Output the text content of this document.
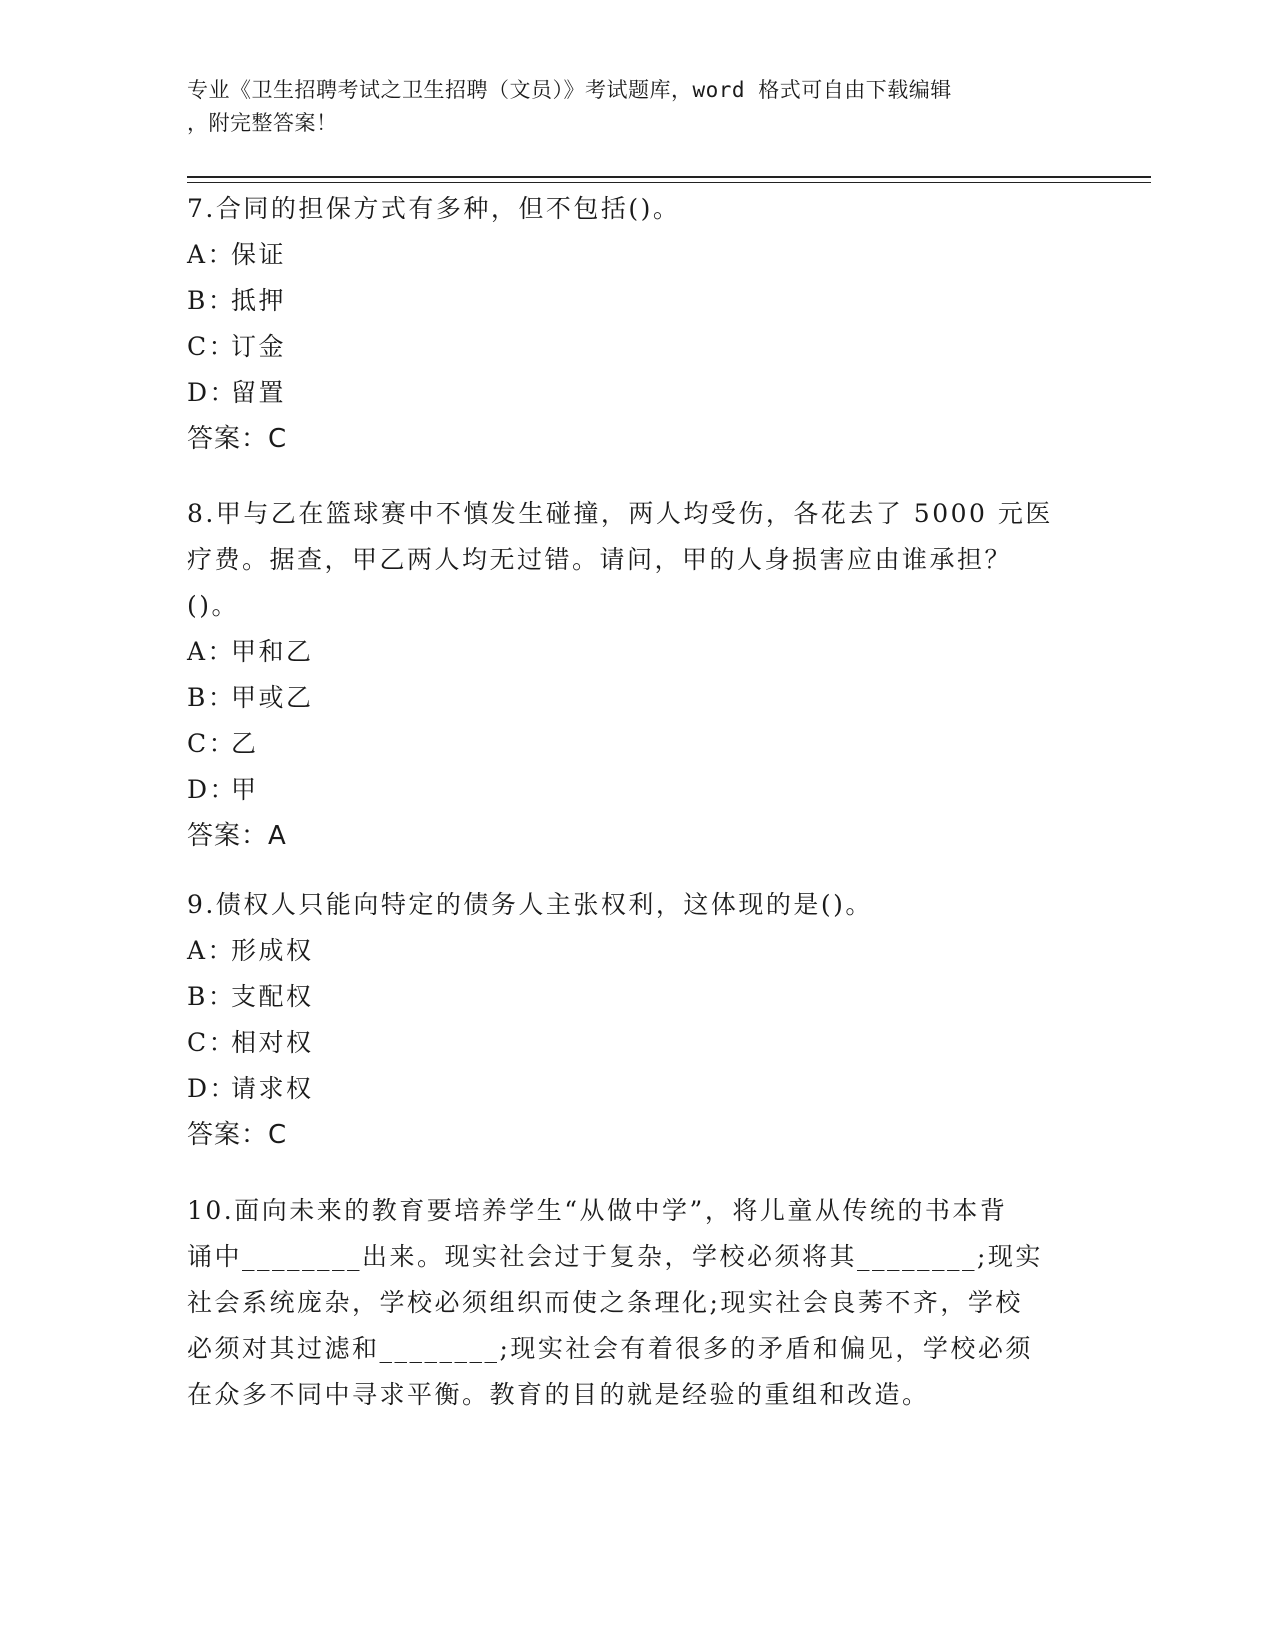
专业《卫生招聘考试之卫生招聘（文员）》考试题库，word 格式可自由下载编辑
，附完整答案！
7.合同的担保方式有多种，但不包括()。
A：保证
B：抵押
C：订金
D：留置
答案：C
8.甲与乙在篮球赛中不慎发生碰撞，两人均受伤，各花去了 5000 元医
疗费。据查，甲乙两人均无过错。请问，甲的人身损害应由谁承担？
()。
A：甲和乙
B：甲或乙
C：乙
D：甲
答案：A
9.债权人只能向特定的债务人主张权利，这体现的是()。
A：形成权
B：支配权
C：相对权
D：请求权
答案：C
10.面向未来的教育要培养学生“从做中学”，将儿童从传统的书本背
诵中________出来。现实社会过于复杂，学校必须将其________;现实
社会系统庞杂，学校必须组织而使之条理化;现实社会良莠不齐，学校
必须对其过滤和________;现实社会有着很多的矛盾和偏见，学校必须
在众多不同中寻求平衡。教育的目的就是经验的重组和改造。
